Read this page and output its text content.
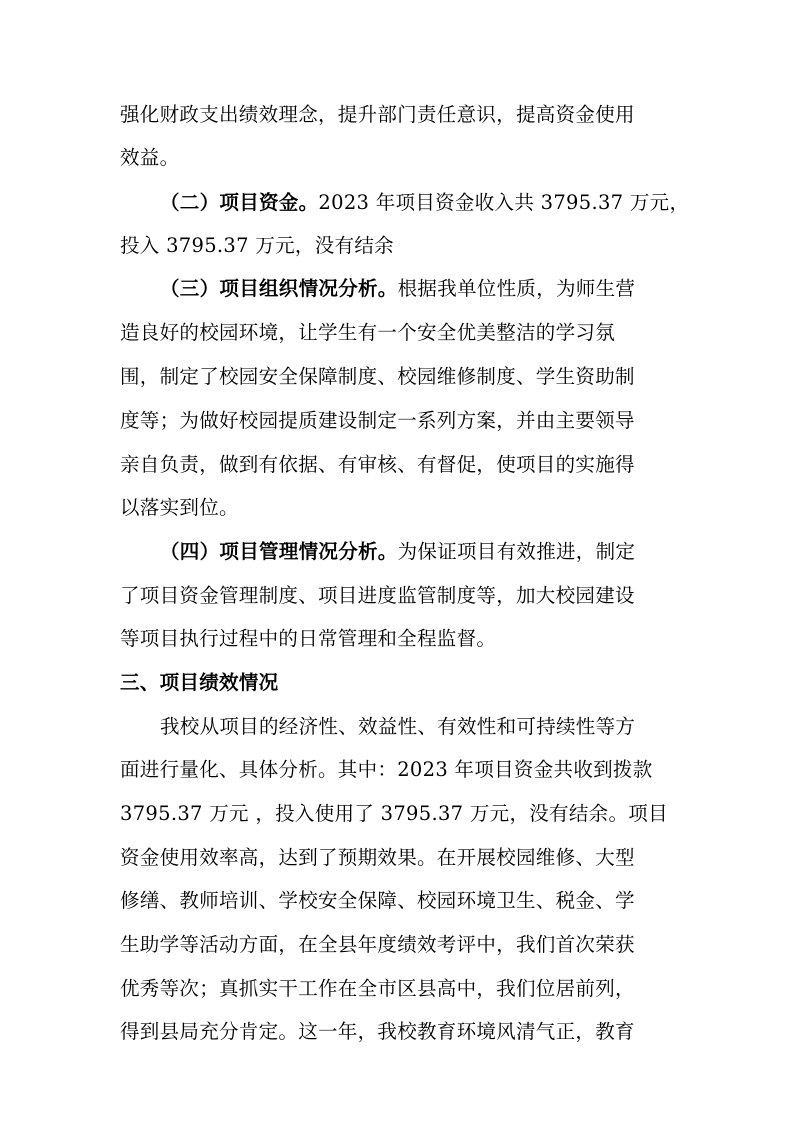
强化财政支出绩效理念，提升部门责任意识，提高资金使用
效益。
（二）项目资金。2023 年项目资金收入共 3795.37 万元，
投入 3795.37 万元，没有结余
（三）项目组织情况分析。根据我单位性质，为师生营
造良好的校园环境，让学生有一个安全优美整洁的学习氛
围，制定了校园安全保障制度、校园维修制度、学生资助制
度等；为做好校园提质建设制定一系列方案，并由主要领导
亲自负责，做到有依据、有审核、有督促，使项目的实施得
以落实到位。
（四）项目管理情况分析。为保证项目有效推进，制定
了项目资金管理制度、项目进度监管制度等，加大校园建设
等项目执行过程中的日常管理和全程监督。
三、项目绩效情况
我校从项目的经济性、效益性、有效性和可持续性等方
面进行量化、具体分析。其中：2023 年项目资金共收到拨款
3795.37 万元 ，投入使用了 3795.37 万元，没有结余。项目
资金使用效率高，达到了预期效果。在开展校园维修、大型
修缮、教师培训、学校安全保障、校园环境卫生、税金、学
生助学等活动方面，在全县年度绩效考评中，我们首次荣获
优秀等次；真抓实干工作在全市区县高中，我们位居前列，
得到县局充分肯定。这一年，我校教育环境风清气正，教育
